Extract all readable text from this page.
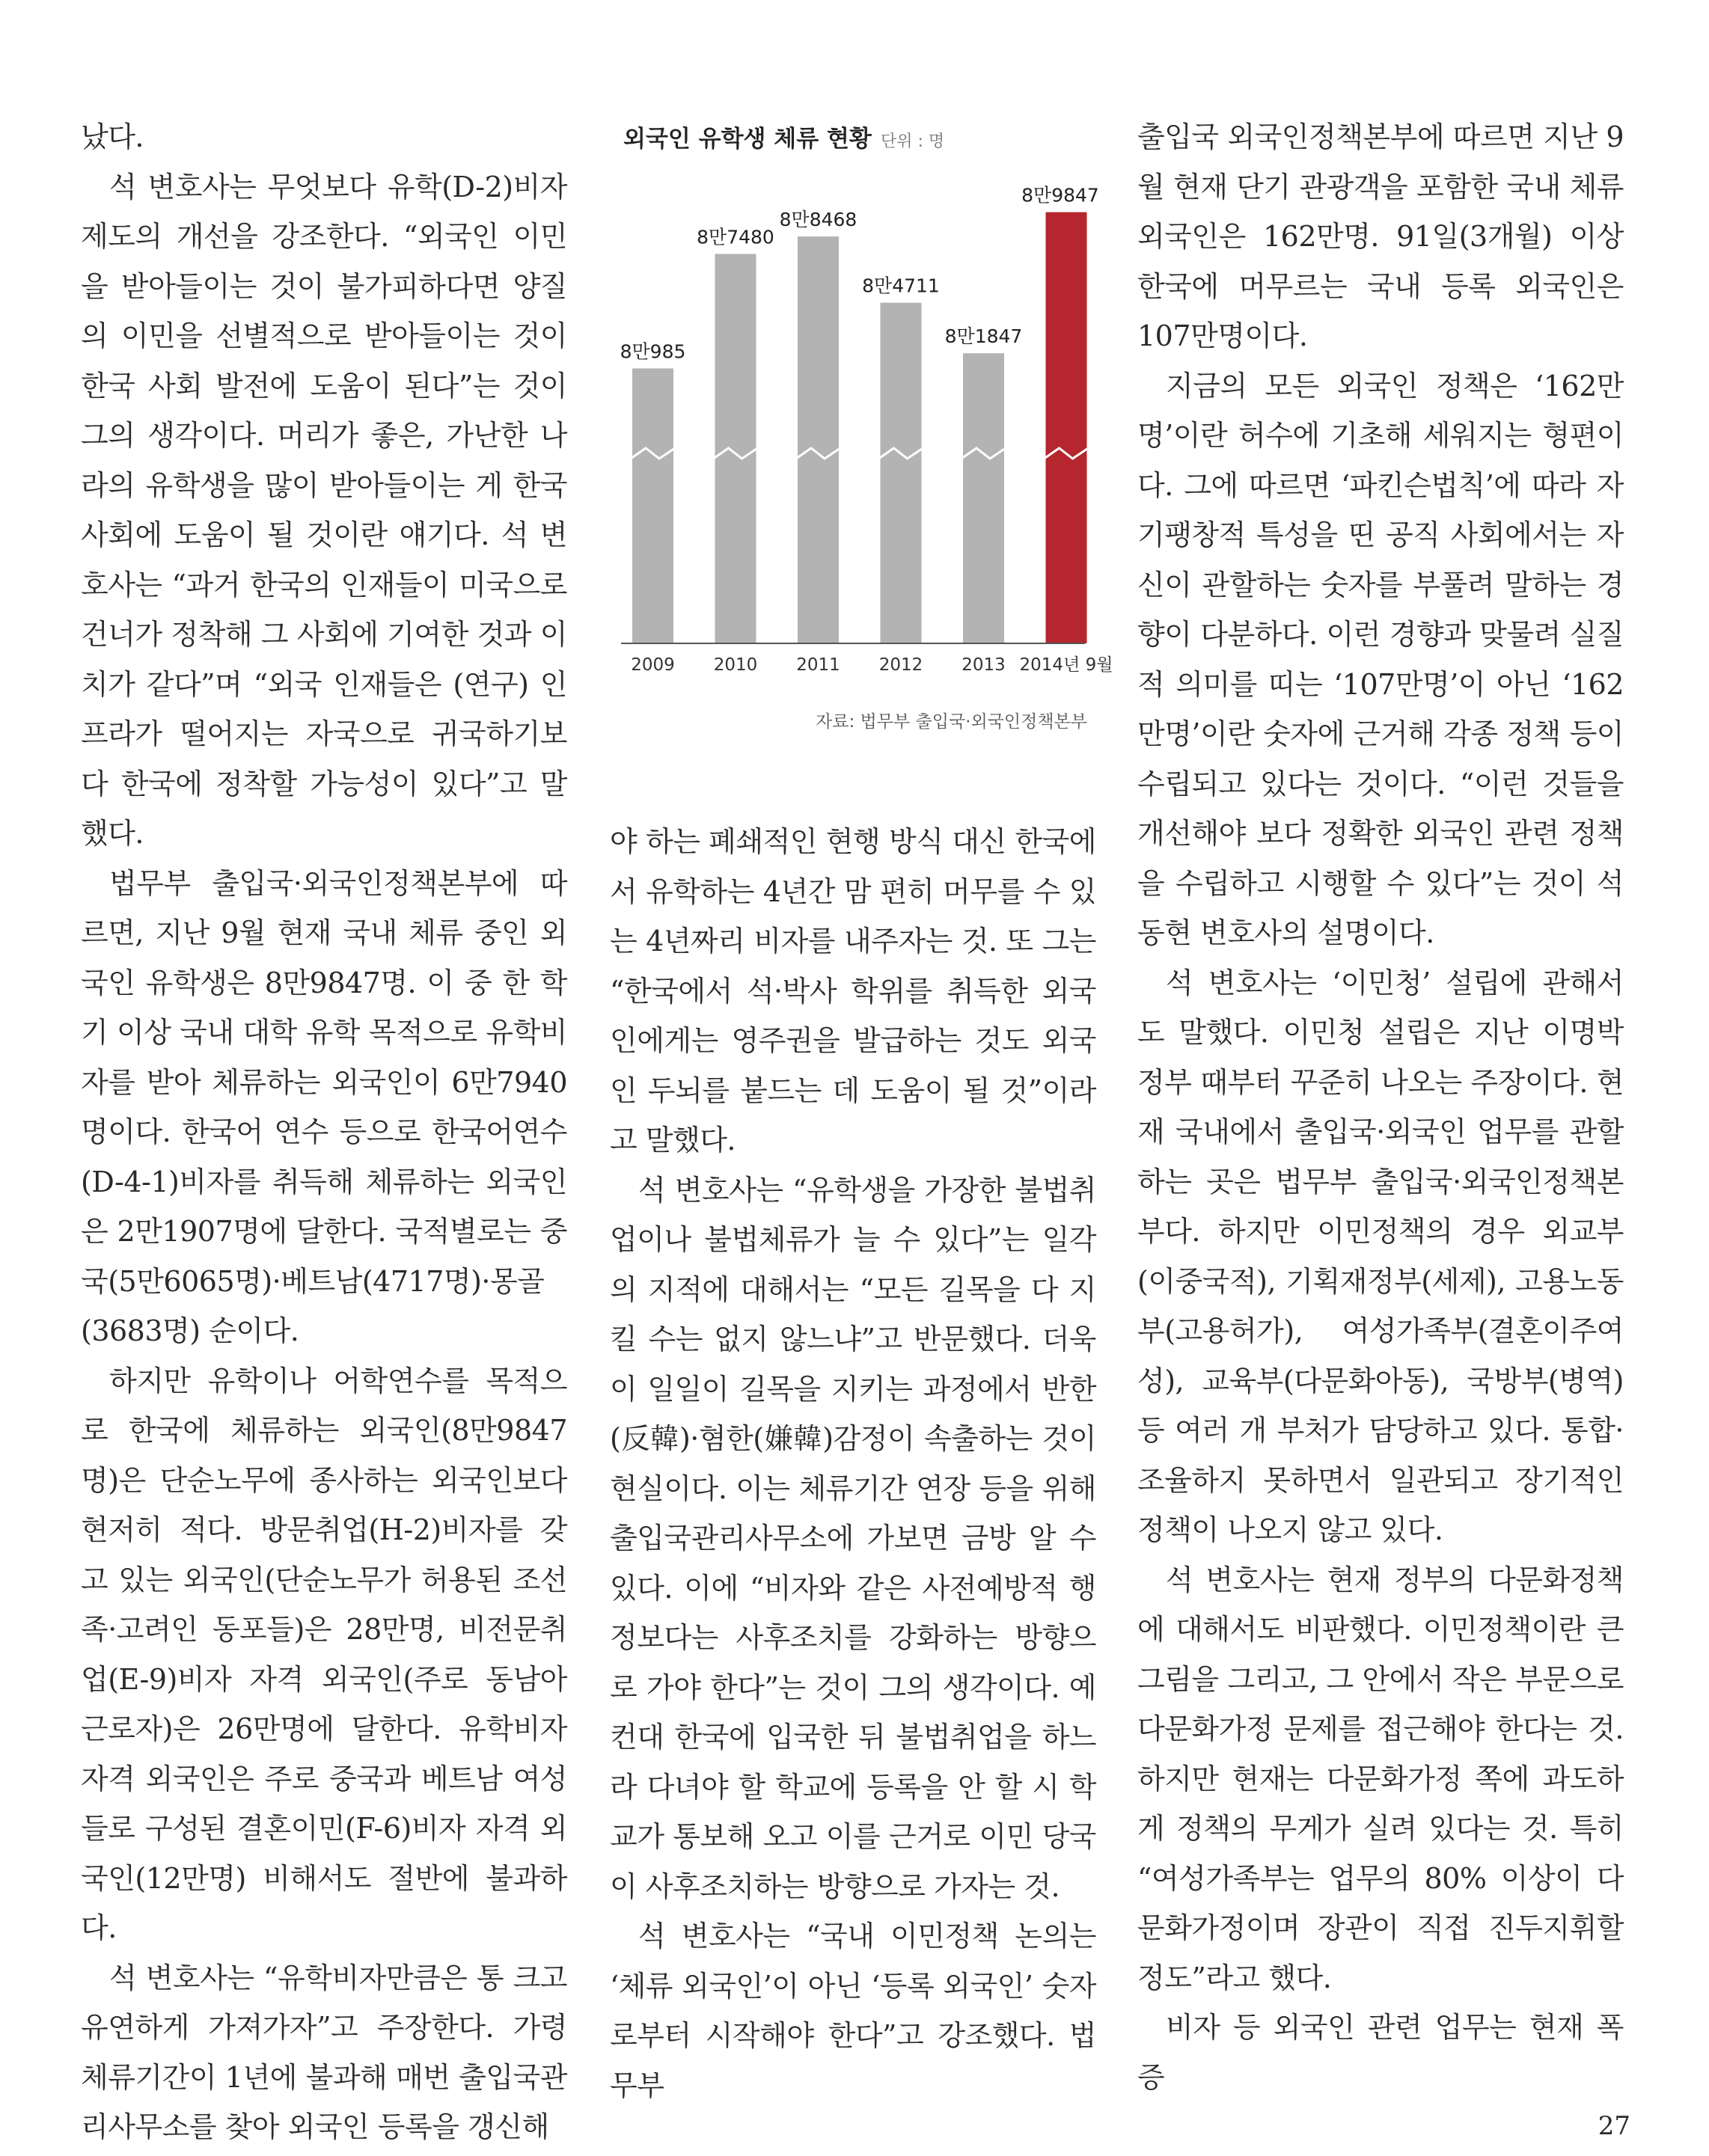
났다.

석 변호사는 무엇보다 유학(D-2)비자 제도의 개선을 강조한다. “외국인 이민을 받아들이는 것이 불가피하다면 양질의 이민을 선별적으로 받아들이는 것이 한국 사회 발전에 도움이 된다”는 것이 그의 생각이다. 머리가 좋은, 가난한 나라의 유학생을 많이 받아들이는 게 한국 사회에 도움이 될 것이란 얘기다. 석 변호사는 “과거 한국의 인재들이 미국으로 건너가 정착해 그 사회에 기여한 것과 이치가 같다”며 “외국 인재들은 (연구) 인프라가 떨어지는 자국으로 귀국하기보다 한국에 정착할 가능성이 있다”고 말했다.

법무부 출입국·외국인정책본부에 따르면, 지난 9월 현재 국내 체류 중인 외국인 유학생은 8만9847명. 이 중 한 학기 이상 국내 대학 유학 목적으로 유학비자를 받아 체류하는 외국인이 6만7940명이다. 한국어 연수 등으로 한국어연수(D-4-1)비자를 취득해 체류하는 외국인은 2만1907명에 달한다. 국적별로는 중국(5만6065명)·베트남(4717명)·몽골(3683명) 순이다.

하지만 유학이나 어학연수를 목적으로 한국에 체류하는 외국인(8만9847명)은 단순노무에 종사하는 외국인보다 현저히 적다. 방문취업(H-2)비자를 갖고 있는 외국인(단순노무가 허용된 조선족·고려인 동포들)은 28만명, 비전문취업(E-9)비자 자격 외국인(주로 동남아 근로자)은 26만명에 달한다. 유학비자 자격 외국인은 주로 중국과 베트남 여성들로 구성된 결혼이민(F-6)비자 자격 외국인(12만명) 비해서도 절반에 불과하다.

석 변호사는 “유학비자만큼은 통 크고 유연하게 가져가자”고 주장한다. 가령 체류기간이 1년에 불과해 매번 출입국관리사무소를 찾아 외국인 등록을 갱신해

외국인 유학생 체류 현황 단위 : 명
8만985
8만7480
8만8468
8만4711
8만1847
8만9847
2009 2010 2011 2012 2013 2014년 9월
자료: 법무부 출입국·외국인정책본부

야 하는 폐쇄적인 현행 방식 대신 한국에서 유학하는 4년간 맘 편히 머무를 수 있는 4년짜리 비자를 내주자는 것. 또 그는 “한국에서 석·박사 학위를 취득한 외국인에게는 영주권을 발급하는 것도 외국인 두뇌를 붙드는 데 도움이 될 것”이라고 말했다.

석 변호사는 “유학생을 가장한 불법취업이나 불법체류가 늘 수 있다”는 일각의 지적에 대해서는 “모든 길목을 다 지킬 수는 없지 않느냐”고 반문했다. 더욱이 일일이 길목을 지키는 과정에서 반한(反韓)·혐한(嫌韓)감정이 속출하는 것이 현실이다. 이는 체류기간 연장 등을 위해 출입국관리사무소에 가보면 금방 알 수 있다. 이에 “비자와 같은 사전예방적 행정보다는 사후조치를 강화하는 방향으로 가야 한다”는 것이 그의 생각이다. 예컨대 한국에 입국한 뒤 불법취업을 하느라 다녀야 할 학교에 등록을 안 할 시 학교가 통보해 오고 이를 근거로 이민 당국이 사후조치하는 방향으로 가자는 것.

석 변호사는 “국내 이민정책 논의는 ‘체류 외국인’이 아닌 ‘등록 외국인’ 숫자로부터 시작해야 한다”고 강조했다. 법무부

출입국 외국인정책본부에 따르면 지난 9월 현재 단기 관광객을 포함한 국내 체류 외국인은 162만명. 91일(3개월) 이상 한국에 머무르는 국내 등록 외국인은 107만명이다.

지금의 모든 외국인 정책은 ‘162만명’이란 허수에 기초해 세워지는 형편이다. 그에 따르면 ‘파킨슨법칙’에 따라 자기팽창적 특성을 띤 공직 사회에서는 자신이 관할하는 숫자를 부풀려 말하는 경향이 다분하다. 이런 경향과 맞물려 실질적 의미를 띠는 ‘107만명’이 아닌 ‘162만명’이란 숫자에 근거해 각종 정책 등이 수립되고 있다는 것이다. “이런 것들을 개선해야 보다 정확한 외국인 관련 정책을 수립하고 시행할 수 있다”는 것이 석동현 변호사의 설명이다.

석 변호사는 ‘이민청’ 설립에 관해서도 말했다. 이민청 설립은 지난 이명박 정부 때부터 꾸준히 나오는 주장이다. 현재 국내에서 출입국·외국인 업무를 관할하는 곳은 법무부 출입국·외국인정책본부다. 하지만 이민정책의 경우 외교부(이중국적), 기획재정부(세제), 고용노동부(고용허가), 여성가족부(결혼이주여성), 교육부(다문화아동), 국방부(병역) 등 여러 개 부처가 담당하고 있다. 통합·조율하지 못하면서 일관되고 장기적인 정책이 나오지 않고 있다.

석 변호사는 현재 정부의 다문화정책에 대해서도 비판했다. 이민정책이란 큰 그림을 그리고, 그 안에서 작은 부문으로 다문화가정 문제를 접근해야 한다는 것. 하지만 현재는 다문화가정 쪽에 과도하게 정책의 무게가 실려 있다는 것. 특히 “여성가족부는 업무의 80% 이상이 다문화가정이며 장관이 직접 진두지휘할 정도”라고 했다.

비자 등 외국인 관련 업무는 현재 폭증

27
